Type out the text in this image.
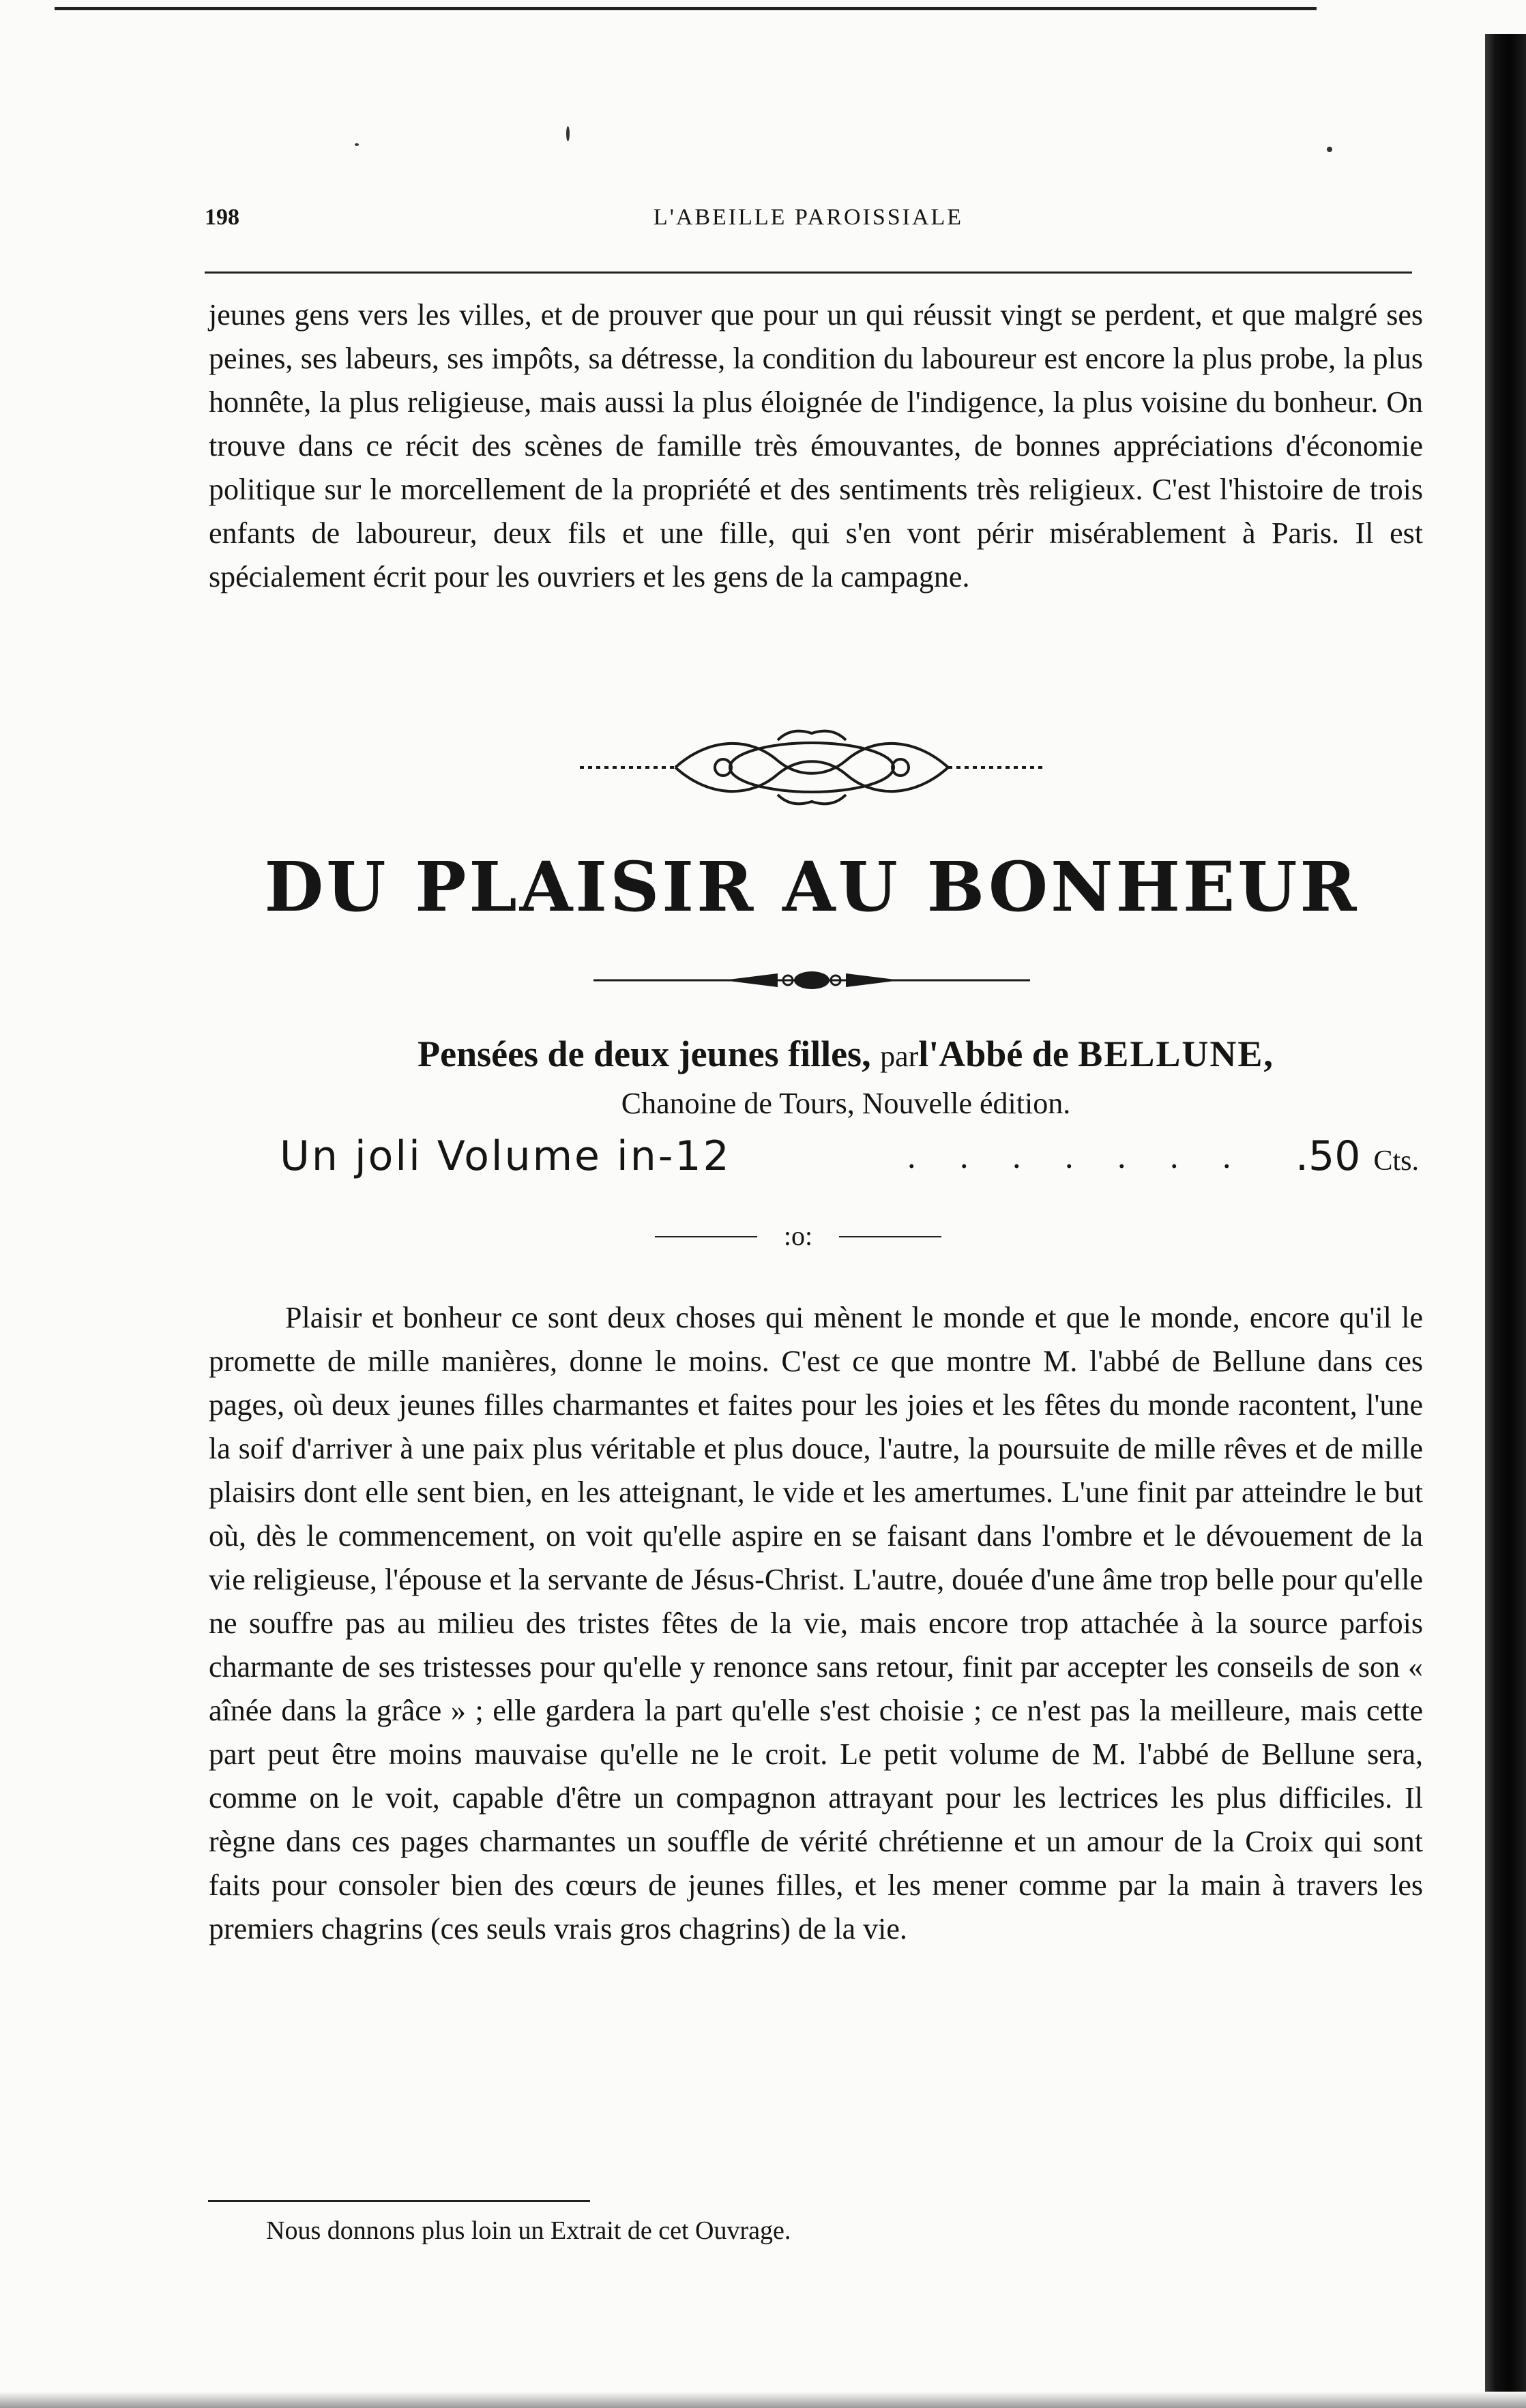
198	L'ABEILLE PAROISSIALE

jeunes gens vers les villes, et de prouver que pour un qui réussit vingt se perdent, et que malgré ses peines, ses labeurs, ses impôts, sa détresse, la condition du laboureur est encore la plus probe, la plus honnête, la plus religieuse, mais aussi la plus éloignée de l'indigence, la plus voisine du bonheur. On trouve dans ce récit des scènes de famille très émouvantes, de bonnes appréciations d'économie politique sur le morcellement de la propriété et des sentiments très religieux. C'est l'histoire de trois enfants de laboureur, deux fils et une fille, qui s'en vont périr misérablement à Paris. Il est spécialement écrit pour les ouvriers et les gens de la campagne.

DU PLAISIR AU BONHEUR
Pensées de deux jeunes filles, parl'Abbé de BELLUNE,
Chanoine de Tours, Nouvelle édition.
Un joli Volume in-12	. . . . . . . .50 Cts.
:o:

Plaisir et bonheur ce sont deux choses qui mènent le monde et que le monde, encore qu'il le promette de mille manières, donne le moins. C'est ce que montre M. l'abbé de Bellune dans ces pages, où deux jeunes filles charmantes et faites pour les joies et les fêtes du monde racontent, l'une la soif d'arriver à une paix plus véritable et plus douce, l'autre, la poursuite de mille rêves et de mille plaisirs dont elle sent bien, en les atteignant, le vide et les amertumes. L'une finit par atteindre le but où, dès le commencement, on voit qu'elle aspire en se faisant dans l'ombre et le dévouement de la vie religieuse, l'épouse et la servante de Jésus-Christ. L'autre, douée d'une âme trop belle pour qu'elle ne souffre pas au milieu des tristes fêtes de la vie, mais encore trop attachée à la source parfois charmante de ses tristesses pour qu'elle y renonce sans retour, finit par accepter les conseils de son « aînée dans la grâce » ; elle gardera la part qu'elle s'est choisie ; ce n'est pas la meilleure, mais cette part peut être moins mauvaise qu'elle ne le croit. Le petit volume de M. l'abbé de Bellune sera, comme on le voit, capable d'être un compagnon attrayant pour les lectrices les plus difficiles. Il règne dans ces pages charmantes un souffle de vérité chrétienne et un amour de la Croix qui sont faits pour consoler bien des cœurs de jeunes filles, et les mener comme par la main à travers les premiers chagrins (ces seuls vrais gros chagrins) de la vie.

Nous donnons plus loin un Extrait de cet Ouvrage.
